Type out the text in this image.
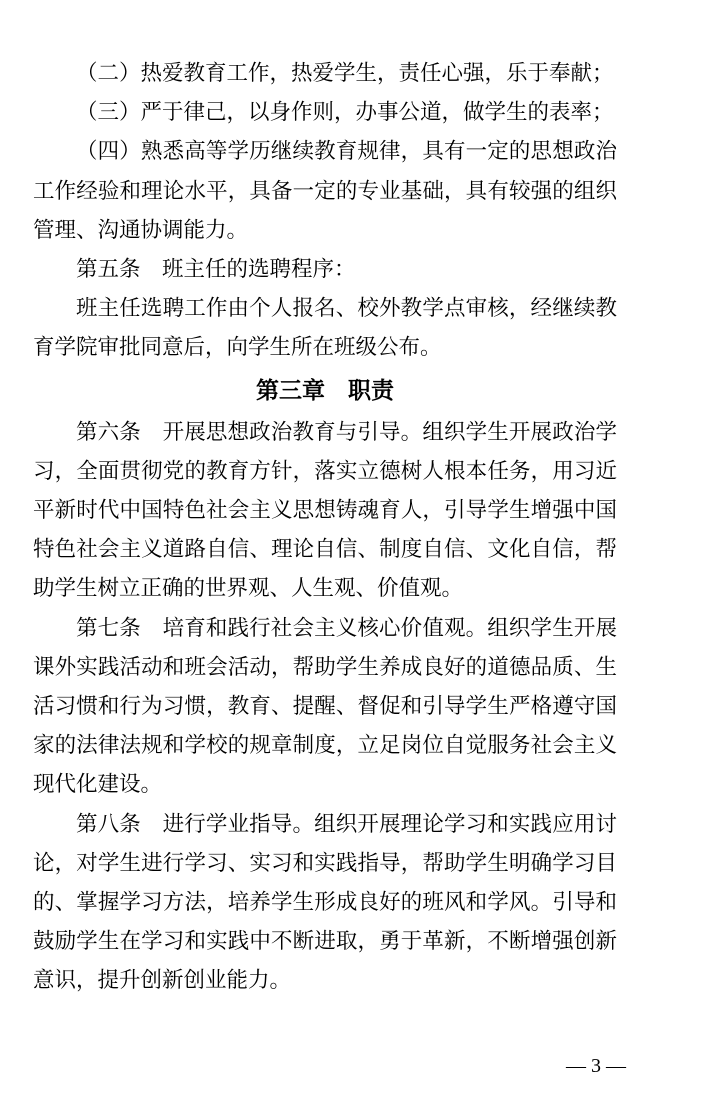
（二）热爱教育工作，热爱学生，责任心强，乐于奉献；

（三）严于律己，以身作则，办事公道，做学生的表率；

（四）熟悉高等学历继续教育规律，具有一定的思想政治工作经验和理论水平，具备一定的专业基础，具有较强的组织管理、沟通协调能力。

第五条　班主任的选聘程序：

班主任选聘工作由个人报名、校外教学点审核，经继续教育学院审批同意后，向学生所在班级公布。

第三章　职责

第六条　开展思想政治教育与引导。组织学生开展政治学习，全面贯彻党的教育方针，落实立德树人根本任务，用习近平新时代中国特色社会主义思想铸魂育人，引导学生增强中国特色社会主义道路自信、理论自信、制度自信、文化自信，帮助学生树立正确的世界观、人生观、价值观。

第七条　培育和践行社会主义核心价值观。组织学生开展课外实践活动和班会活动，帮助学生养成良好的道德品质、生活习惯和行为习惯，教育、提醒、督促和引导学生严格遵守国家的法律法规和学校的规章制度，立足岗位自觉服务社会主义现代化建设。

第八条　进行学业指导。组织开展理论学习和实践应用讨论，对学生进行学习、实习和实践指导，帮助学生明确学习目的、掌握学习方法，培养学生形成良好的班风和学风。引导和鼓励学生在学习和实践中不断进取，勇于革新，不断增强创新意识，提升创新创业能力。

— 3 —
